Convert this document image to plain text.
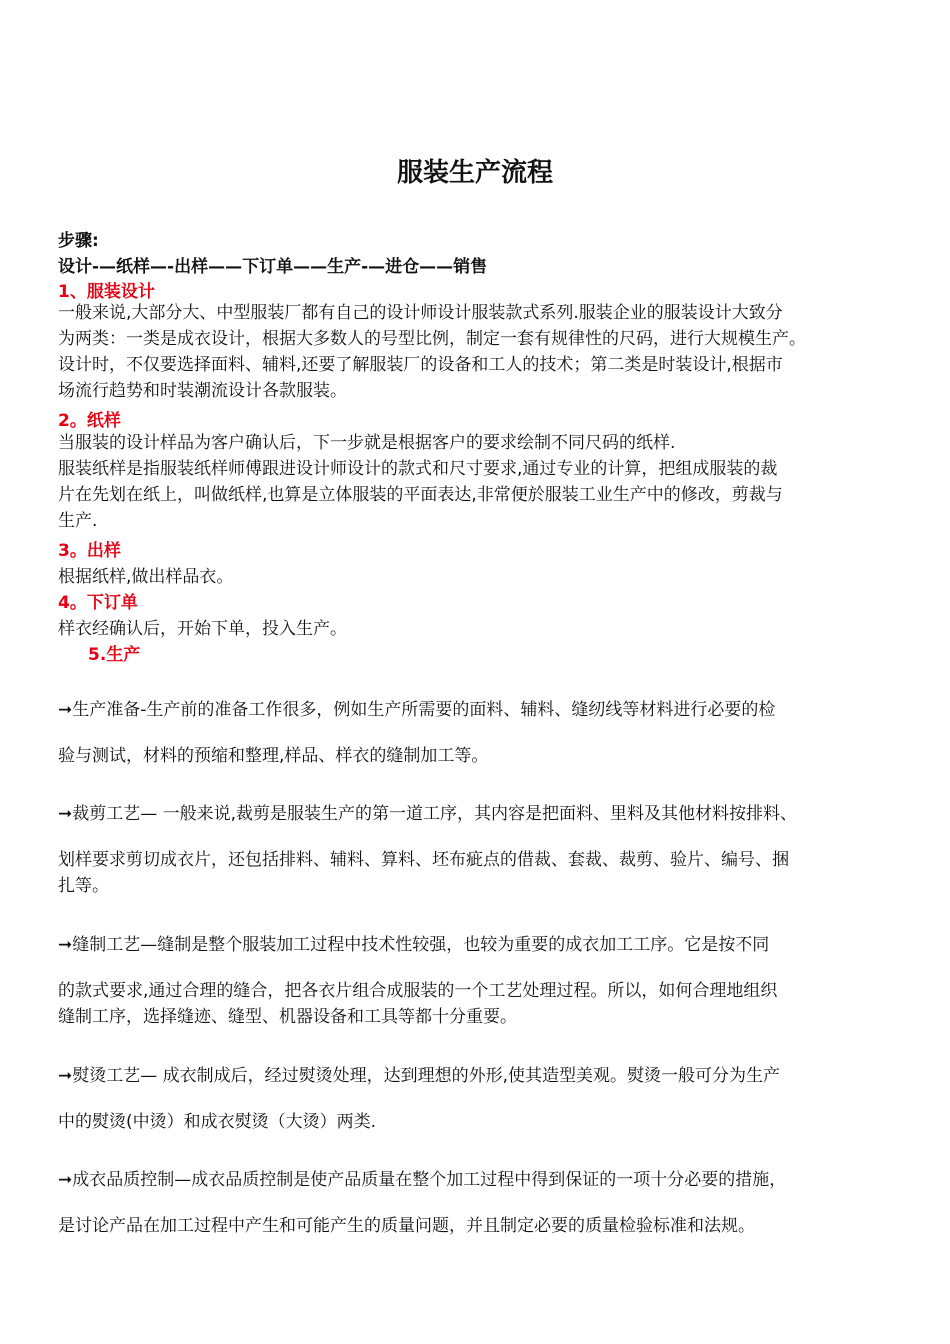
服装生产流程

步骤:

设计-—纸样—-出样——下订单——生产-—进仓——销售

1、服装设计

一般来说,大部分大、中型服装厂都有自己的设计师设计服装款式系列.服装企业的服装设计大致分
为两类：一类是成衣设计，根据大多数人的号型比例，制定一套有规律性的尺码，进行大规模生产。
设计时，不仅要选择面料、辅料,还要了解服装厂的设备和工人的技术；第二类是时装设计,根据市
场流行趋势和时装潮流设计各款服装。

2。纸样

当服装的设计样品为客户确认后，下一步就是根据客户的要求绘制不同尺码的纸样.
服装纸样是指服装纸样师傅跟进设计师设计的款式和尺寸要求,通过专业的计算，把组成服装的裁
片在先划在纸上，叫做纸样,也算是立体服装的平面表达,非常便於服装工业生产中的修改，剪裁与
生产.

3。出样

根据纸样,做出样品衣。

4。下订单

样衣经确认后，开始下单，投入生产。

5.生产

➞生产准备-生产前的准备工作很多，例如生产所需要的面料、辅料、缝纫线等材料进行必要的检
验与测试，材料的预缩和整理,样品、样衣的缝制加工等。
➞裁剪工艺— 一般来说,裁剪是服装生产的第一道工序，其内容是把面料、里料及其他材料按排料、
划样要求剪切成衣片，还包括排料、辅料、算料、坯布疵点的借裁、套裁、裁剪、验片、编号、捆
扎等。
➞缝制工艺—缝制是整个服装加工过程中技术性较强，也较为重要的成衣加工工序。它是按不同
的款式要求,通过合理的缝合，把各衣片组合成服装的一个工艺处理过程。所以，如何合理地组织
缝制工序，选择缝迹、缝型、机器设备和工具等都十分重要。
➞熨烫工艺— 成衣制成后，经过熨烫处理，达到理想的外形,使其造型美观。熨烫一般可分为生产
中的熨烫(中烫）和成衣熨烫（大烫）两类.
➞成衣品质控制—成衣品质控制是使产品质量在整个加工过程中得到保证的一项十分必要的措施，
是讨论产品在加工过程中产生和可能产生的质量问题，并且制定必要的质量检验标准和法规。
